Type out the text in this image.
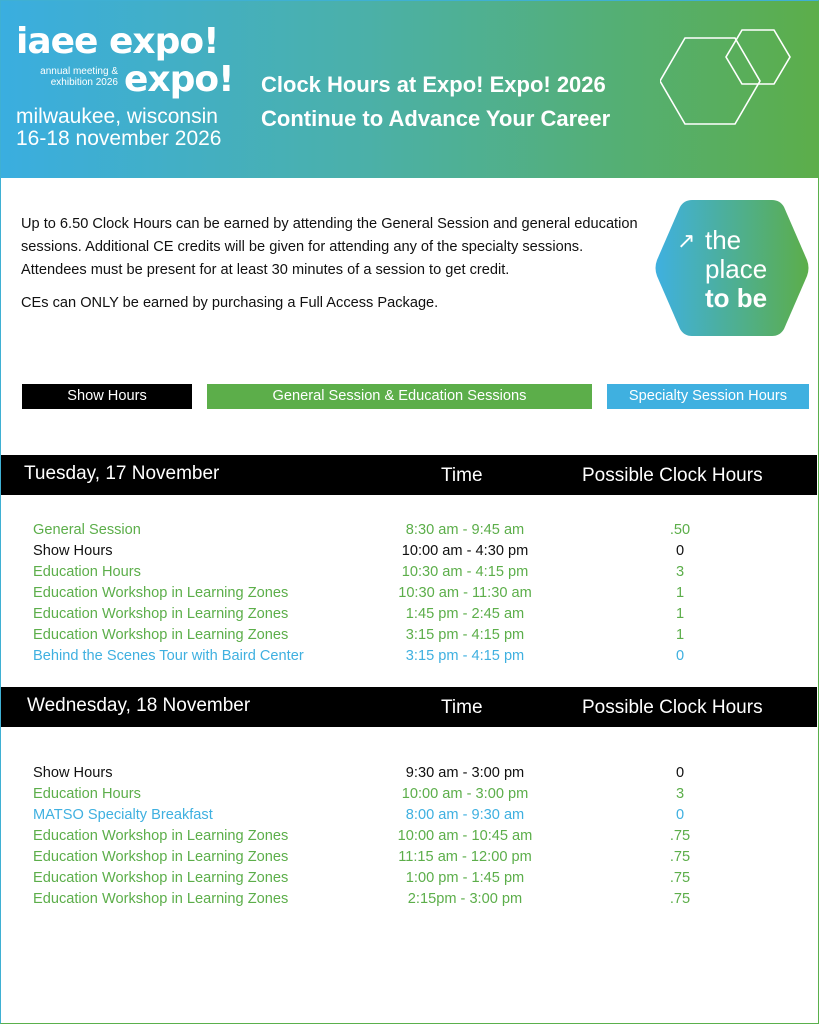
iaee expo!
annual meeting & exhibition 2026 expo!
milwaukee, wisconsin
16-18 november 2026
Clock Hours at Expo! Expo! 2026
Continue to Advance Your Career

Up to 6.50 Clock Hours can be earned by attending the General Session and general education sessions. Additional CE credits will be given for attending any of the specialty sessions. Attendees must be present for at least 30 minutes of a session to get credit.

CEs can ONLY be earned by purchasing a Full Access Package.

↗ the
place
to be
Show Hours	General Session & Education Sessions	Specialty Session Hours
Tuesday, 17 November	Time	Possible Clock Hours
General Session	8:30 am - 9:45 am	.50
Show Hours	10:00 am - 4:30 pm	0
Education Hours	10:30 am - 4:15 pm	3
Education Workshop in Learning Zones	10:30 am - 11:30 am	1
Education Workshop in Learning Zones	1:45 pm - 2:45 am	1
Education Workshop in Learning Zones	3:15 pm - 4:15 pm	1
Behind the Scenes Tour with Baird Center	3:15 pm - 4:15 pm	0
Wednesday, 18 November	Time	Possible Clock Hours
Show Hours	9:30 am - 3:00 pm	0
Education Hours	10:00 am - 3:00 pm	3
MATSO Specialty Breakfast	8:00 am - 9:30 am	0
Education Workshop in Learning Zones	10:00 am - 10:45 am	.75
Education Workshop in Learning Zones	11:15 am - 12:00 pm	.75
Education Workshop in Learning Zones	1:00 pm - 1:45 pm	.75
Education Workshop in Learning Zones	2:15pm - 3:00 pm	.75
